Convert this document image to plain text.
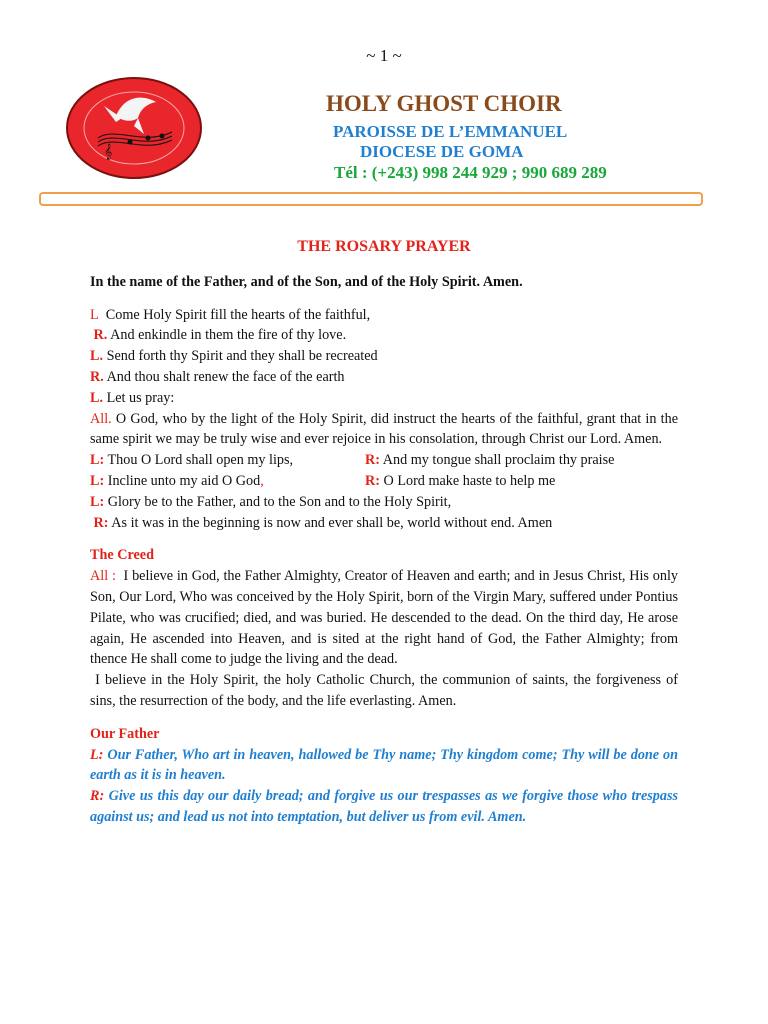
~ 1 ~
𝄞
HOLY GHOST CHOIR
PAROISSE DE L’EMMANUEL
DIOCESE DE GOMA
Tél : (+243) 998 244 929 ; 990 689 289
THE ROSARY PRAYER
In the name of the Father, and of the Son, and of the Holy Spirit. Amen.
L Come Holy Spirit fill the hearts of the faithful,
R. And enkindle in them the fire of thy love.
L. Send forth thy Spirit and they shall be recreated
R. And thou shalt renew the face of the earth
L. Let us pray:
All. O God, who by the light of the Holy Spirit, did instruct the hearts of the faithful, grant that in the same spirit we may be truly wise and ever rejoice in his consolation, through Christ our Lord. Amen.
L: Thou O Lord shall open my lips,	R: And my tongue shall proclaim thy praise
L: Incline unto my aid O God,	R: O Lord make haste to help me
L: Glory be to the Father, and to the Son and to the Holy Spirit,
R: As it was in the beginning is now and ever shall be, world without end. Amen
The Creed
All : I believe in God, the Father Almighty, Creator of Heaven and earth; and in Jesus Christ, His only Son, Our Lord, Who was conceived by the Holy Spirit, born of the Virgin Mary, suffered under Pontius Pilate, who was crucified; died, and was buried. He descended to the dead. On the third day, He arose again, He ascended into Heaven, and is sited at the right hand of God, the Father Almighty; from thence He shall come to judge the living and the dead.
I believe in the Holy Spirit, the holy Catholic Church, the communion of saints, the forgiveness of sins, the resurrection of the body, and the life everlasting. Amen.
Our Father
L: Our Father, Who art in heaven, hallowed be Thy name; Thy kingdom come; Thy will be done on earth as it is in heaven.
R: Give us this day our daily bread; and forgive us our trespasses as we forgive those who trespass against us; and lead us not into temptation, but deliver us from evil. Amen.
